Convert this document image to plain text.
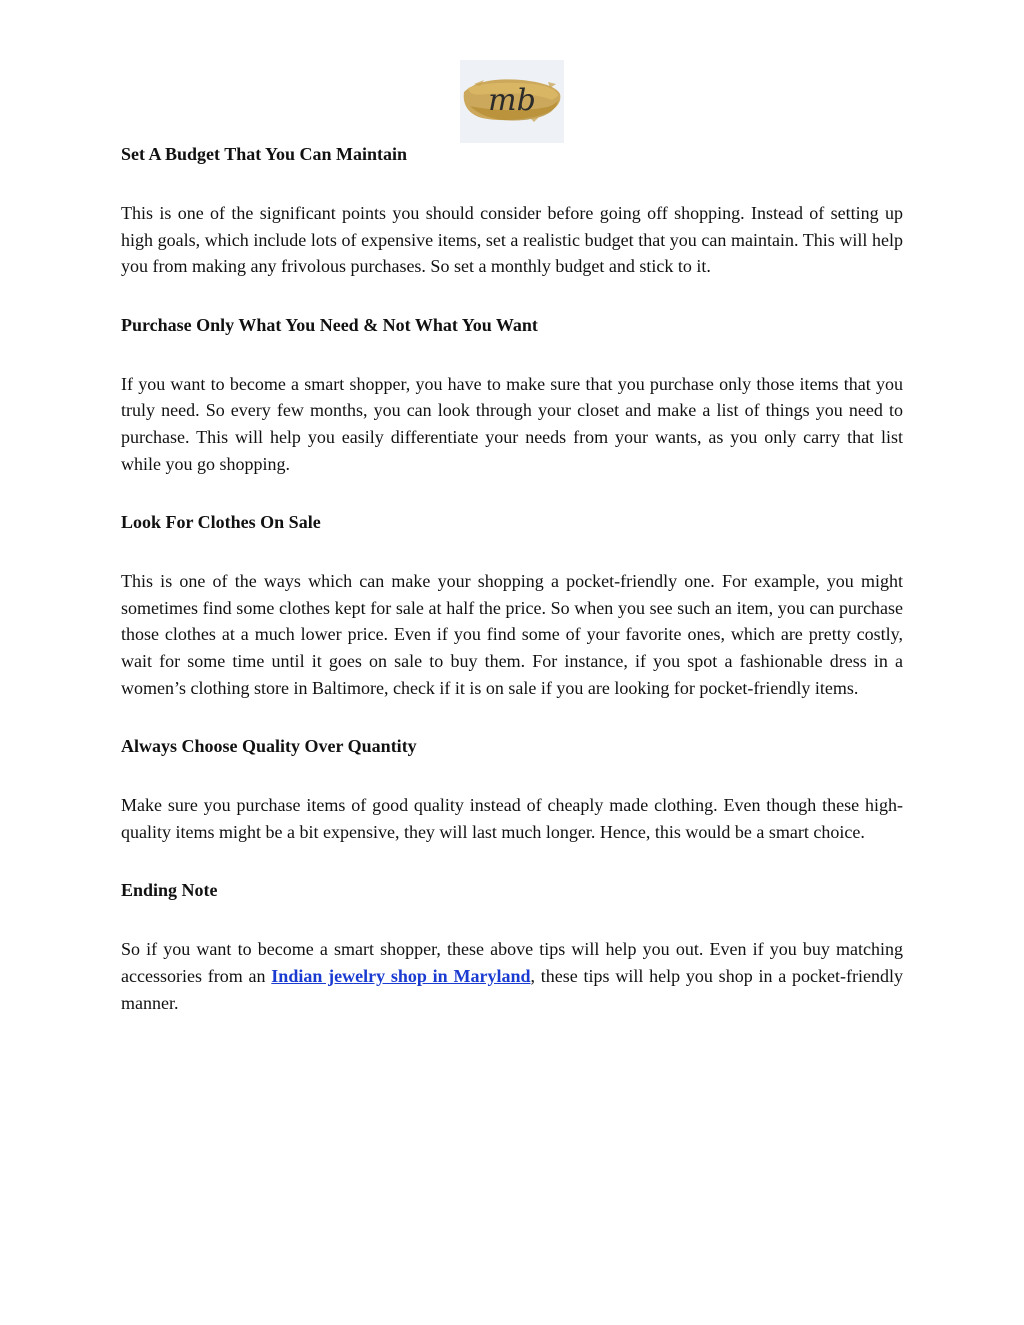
mb
Set A Budget That You Can Maintain

This is one of the significant points you should consider before going off shopping. Instead of setting up high goals, which include lots of expensive items, set a realistic budget that you can maintain. This will help you from making any frivolous purchases. So set a monthly budget and stick to it.

Purchase Only What You Need & Not What You Want

If you want to become a smart shopper, you have to make sure that you purchase only those items that you truly need. So every few months, you can look through your closet and make a list of things you need to purchase. This will help you easily differentiate your needs from your wants, as you only carry that list while you go shopping.

Look For Clothes On Sale

This is one of the ways which can make your shopping a pocket-friendly one. For example, you might sometimes find some clothes kept for sale at half the price. So when you see such an item, you can purchase those clothes at a much lower price. Even if you find some of your favorite ones, which are pretty costly, wait for some time until it goes on sale to buy them. For instance, if you spot a fashionable dress in a women’s clothing store in Baltimore, check if it is on sale if you are looking for pocket-friendly items.

Always Choose Quality Over Quantity

Make sure you purchase items of good quality instead of cheaply made clothing. Even though these high-quality items might be a bit expensive, they will last much longer. Hence, this would be a smart choice.

Ending Note

So if you want to become a smart shopper, these above tips will help you out. Even if you buy matching accessories from an Indian jewelry shop in Maryland, these tips will help you shop in a pocket-friendly manner.
